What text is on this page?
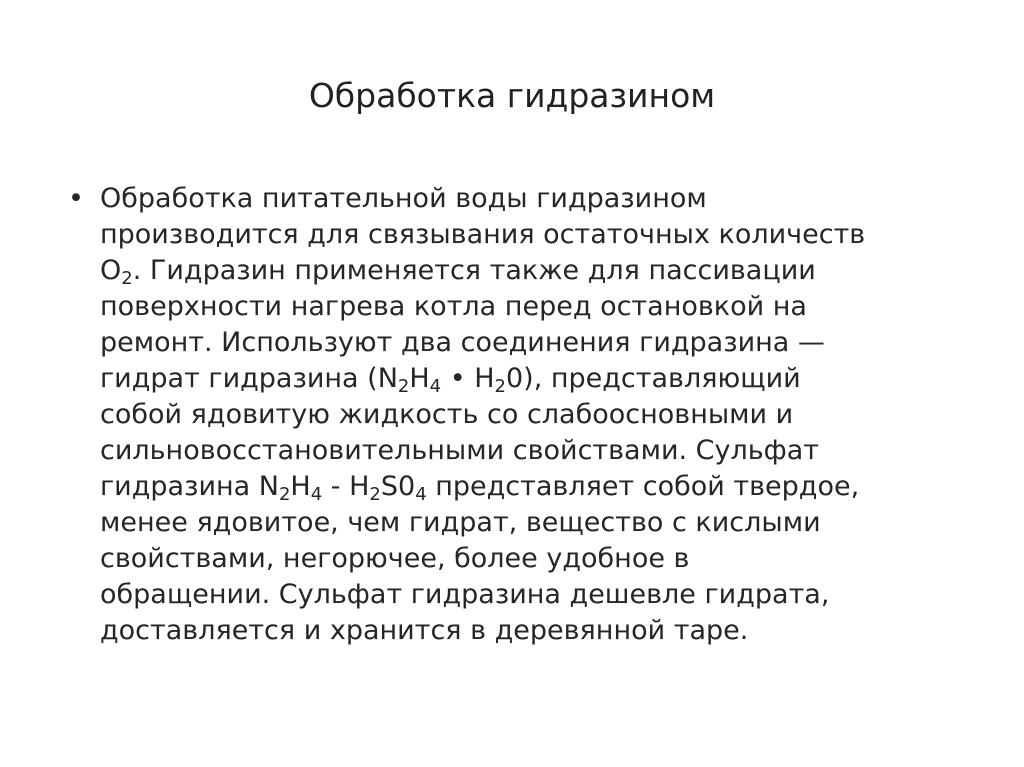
Обработка гидразином
• Обработка питательной воды гидразином
производится для связывания остаточных количеств
$O_2$. Гидразин применяется также для пассивации
поверхности нагрева котла перед остановкой на
ремонт. Используют два соединения гидразина —
гидрат гидразина ($N_2H_4$ • $H_20$), представляющий
собой ядовитую жидкость со слабоосновными и
сильновосстановительными свойствами. Сульфат
гидразина $N_2H_4 - H_2S0_4$ представляет собой твердое,
менее ядовитое, чем гидрат, вещество с кислыми
свойствами, негорючее, более удобное в
обращении. Сульфат гидразина дешевле гидрата,
доставляется и хранится в деревянной таре.
